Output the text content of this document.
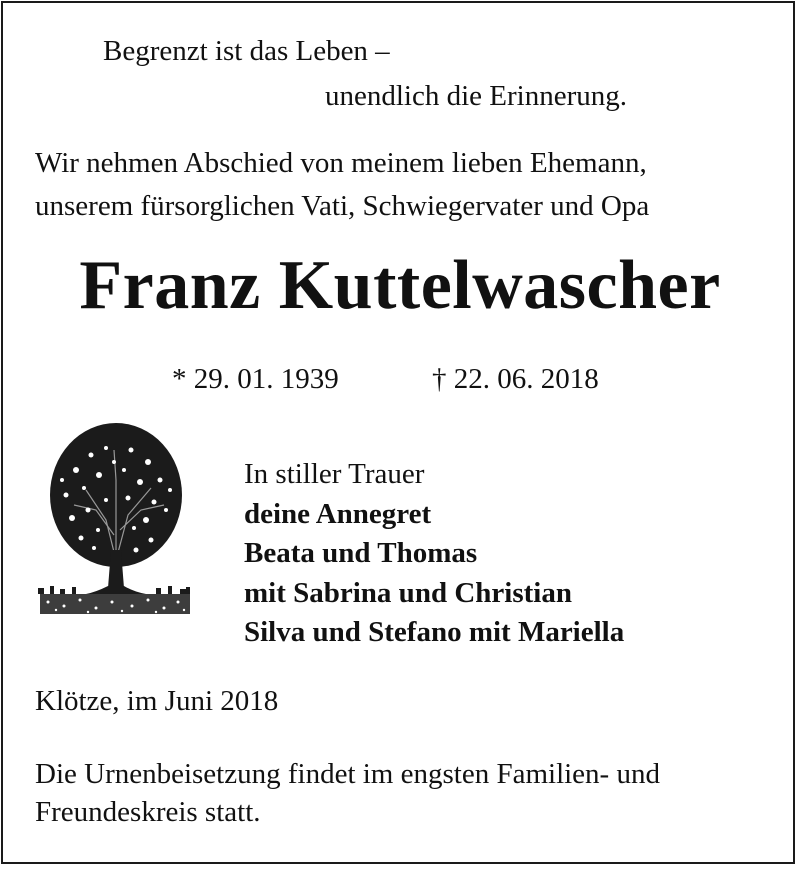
Begrenzt ist das Leben –
unendlich die Erinnerung.
Wir nehmen Abschied von meinem lieben Ehemann,
unserem fürsorglichen Vati, Schwiegervater und Opa
Franz Kuttelwascher
* 29. 01. 1939	† 22. 06. 2018
In stiller Trauer
deine Annegret
Beata und Thomas
mit Sabrina und Christian
Silva und Stefano mit Mariella
Klötze, im Juni 2018
Die Urnenbeisetzung findet im engsten Familien- und
Freundeskreis statt.
